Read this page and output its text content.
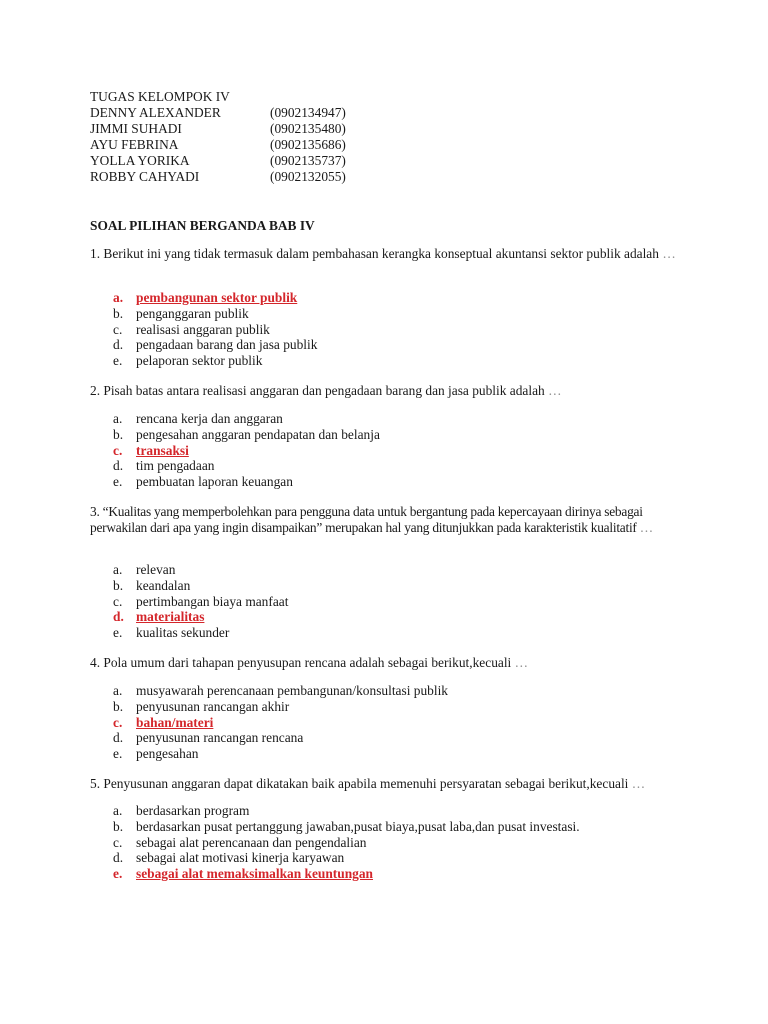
TUGAS KELOMPOK IV
DENNY ALEXANDER	(0902134947)
JIMMI SUHADI	(0902135480)
AYU FEBRINA	(0902135686)
YOLLA YORIKA	(0902135737)
ROBBY CAHYADI	(0902132055)
SOAL PILIHAN BERGANDA BAB IV
1. Berikut ini yang tidak termasuk dalam pembahasan kerangka konseptual akuntansi sektor publik adalah …
a. pembangunan sektor publik
b. penganggaran publik
c. realisasi anggaran publik
d. pengadaan barang dan jasa publik
e. pelaporan sektor publik
2. Pisah batas antara realisasi anggaran dan pengadaan barang dan jasa publik adalah …
a. rencana kerja dan anggaran
b. pengesahan anggaran pendapatan dan belanja
c. transaksi
d. tim pengadaan
e. pembuatan laporan keuangan
3. “Kualitas yang memperbolehkan para pengguna data untuk bergantung pada kepercayaan dirinya sebagai perwakilan dari apa yang ingin disampaikan” merupakan hal yang ditunjukkan pada karakteristik kualitatif …
a. relevan
b. keandalan
c. pertimbangan biaya manfaat
d. materialitas
e. kualitas sekunder
4. Pola umum dari tahapan penyusupan rencana adalah sebagai berikut,kecuali …
a. musyawarah perencanaan pembangunan/konsultasi publik
b. penyusunan rancangan akhir
c. bahan/materi
d. penyusunan rancangan rencana
e. pengesahan
5. Penyusunan anggaran dapat dikatakan baik apabila memenuhi persyaratan sebagai berikut,kecuali …
a. berdasarkan program
b. berdasarkan pusat pertanggung jawaban,pusat biaya,pusat laba,dan pusat investasi.
c. sebagai alat perencanaan dan pengendalian
d. sebagai alat motivasi kinerja karyawan
e. sebagai alat memaksimalkan keuntungan
